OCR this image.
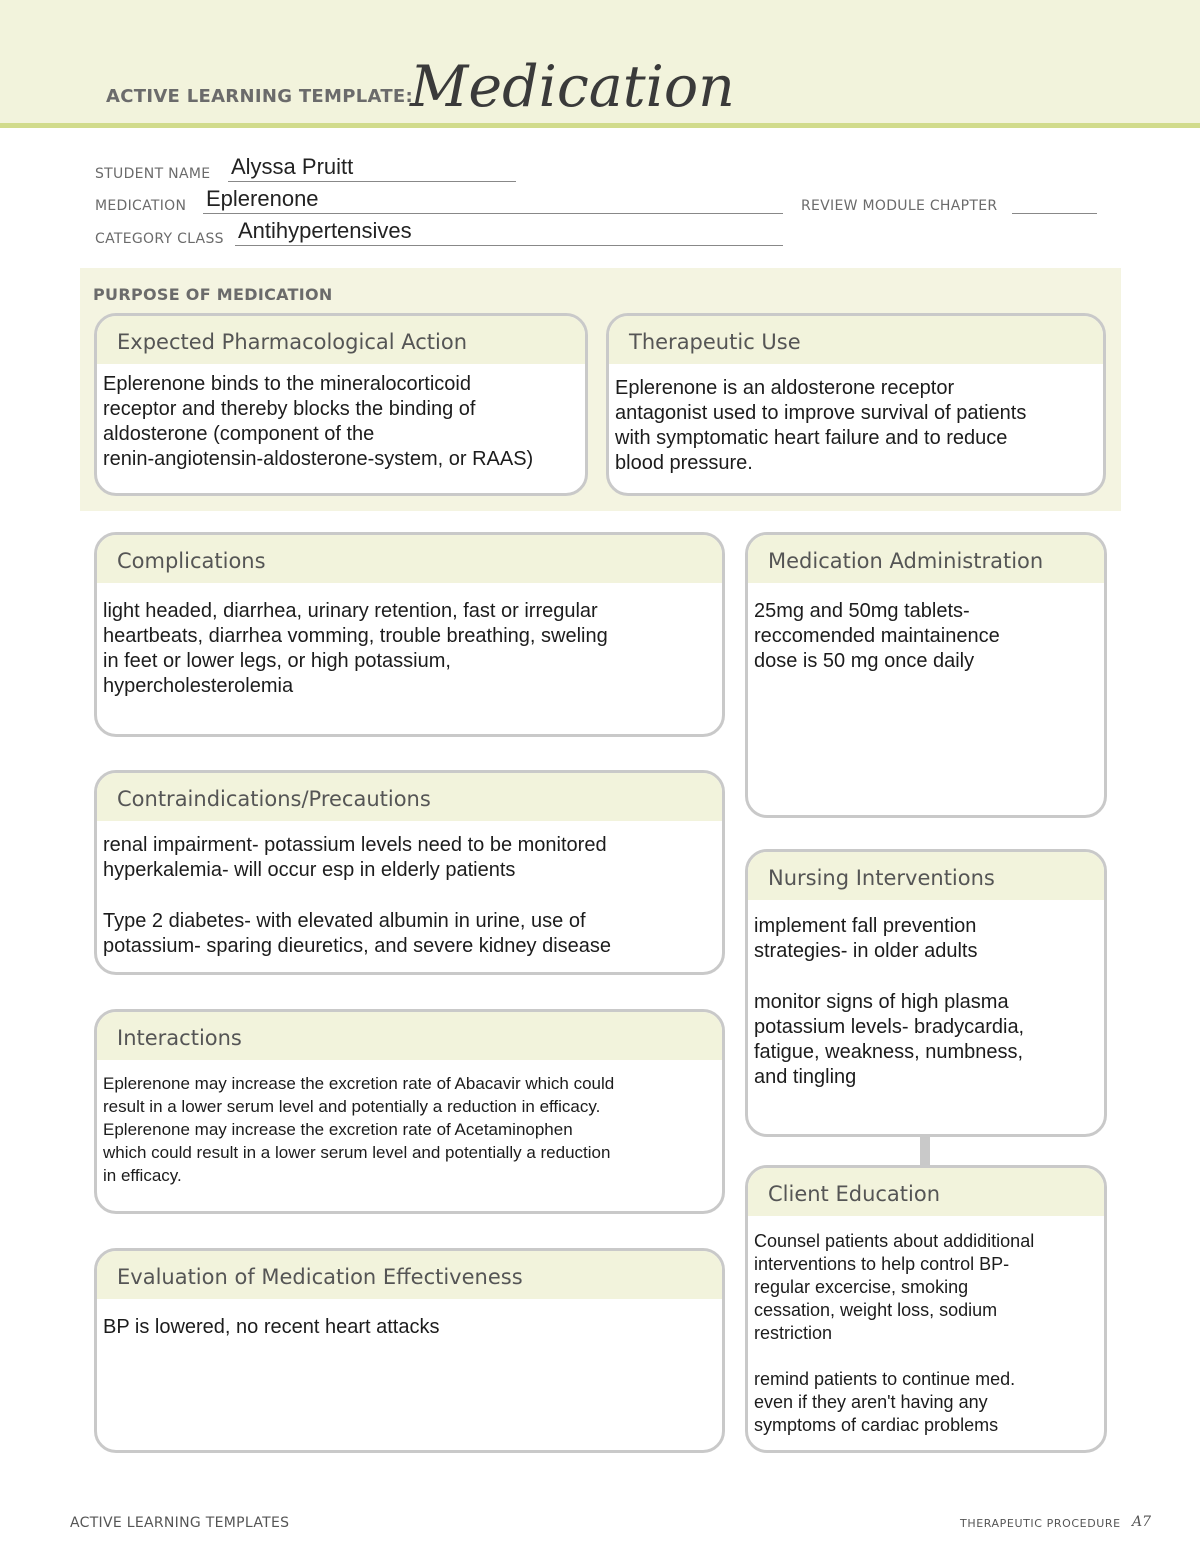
ACTIVE LEARNING TEMPLATE:
Medication
STUDENT NAME Alyssa Pruitt
MEDICATION Eplerenone	REVIEW MODULE CHAPTER
CATEGORY CLASS Antihypertensives
PURPOSE OF MEDICATION
Expected Pharmacological Action
Eplerenone binds to the mineralocorticoid
receptor and thereby blocks the binding of
aldosterone (component of the
renin-angiotensin-aldosterone-system, or RAAS)
Therapeutic Use
Eplerenone is an aldosterone receptor
antagonist used to improve survival of patients
with symptomatic heart failure and to reduce
blood pressure.
Complications
light headed, diarrhea, urinary retention, fast or irregular
heartbeats, diarrhea vomming, trouble breathing, sweling
in feet or lower legs, or high potassium,
hypercholesterolemia
Medication Administration
25mg and 50mg tablets-
reccomended maintainence
dose is 50 mg once daily
Contraindications/Precautions
renal impairment- potassium levels need to be monitored
hyperkalemia- will occur esp in elderly patients
Type 2 diabetes- with elevated albumin in urine, use of
potassium- sparing dieuretics, and severe kidney disease
Nursing Interventions
implement fall prevention
strategies- in older adults
monitor signs of high plasma
potassium levels- bradycardia,
fatigue, weakness, numbness,
and tingling
Interactions
Eplerenone may increase the excretion rate of Abacavir which could
result in a lower serum level and potentially a reduction in efficacy.
Eplerenone may increase the excretion rate of Acetaminophen
which could result in a lower serum level and potentially a reduction
in efficacy.
Client Education
Counsel patients about addiditional
interventions to help control BP-
regular excercise, smoking
cessation, weight loss, sodium
restriction
remind patients to continue med.
even if they aren't having any
symptoms of cardiac problems
Evaluation of Medication Effectiveness
BP is lowered, no recent heart attacks
ACTIVE LEARNING TEMPLATES	THERAPEUTIC PROCEDURE A7
